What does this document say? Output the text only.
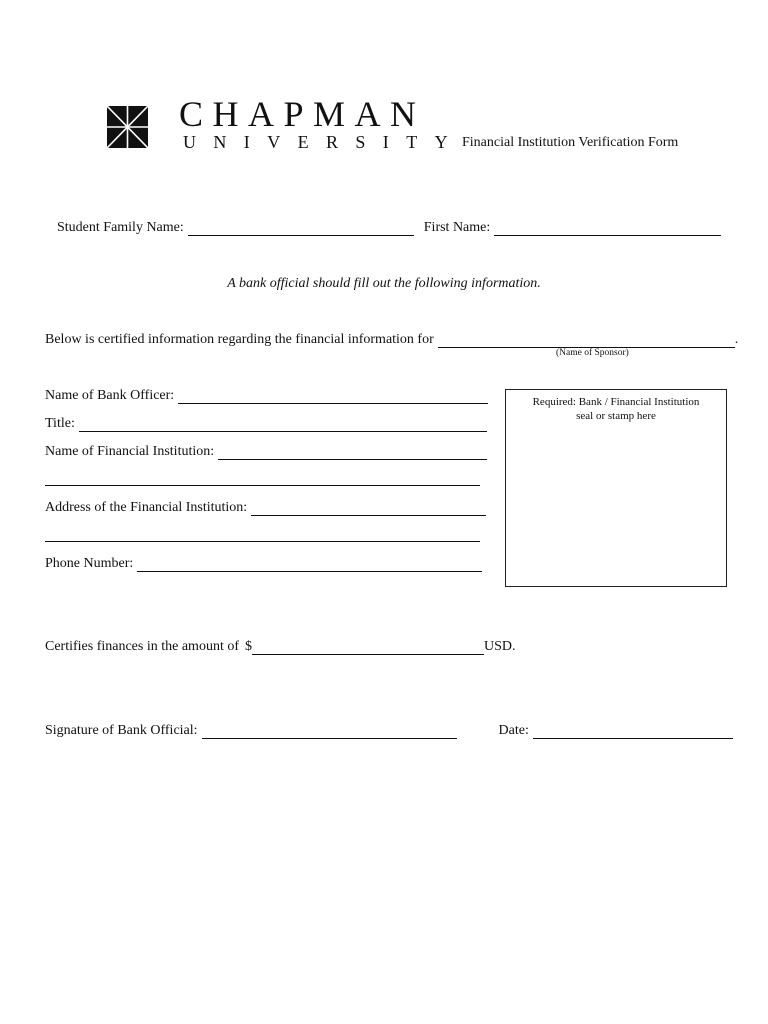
CHAPMAN
UNIVERSITY
Financial Institution Verification Form
Student Family Name:	First Name:
A bank official should fill out the following information.
Below is certified information regarding the financial information for	.
(Name of Sponsor)
Name of Bank Officer:
Title:
Name of Financial Institution:
Address of the Financial Institution:
Phone Number:
Required: Bank / Financial Institution
seal or stamp here
Certifies finances in the amount of $	USD.
Signature of Bank Official:	Date:
